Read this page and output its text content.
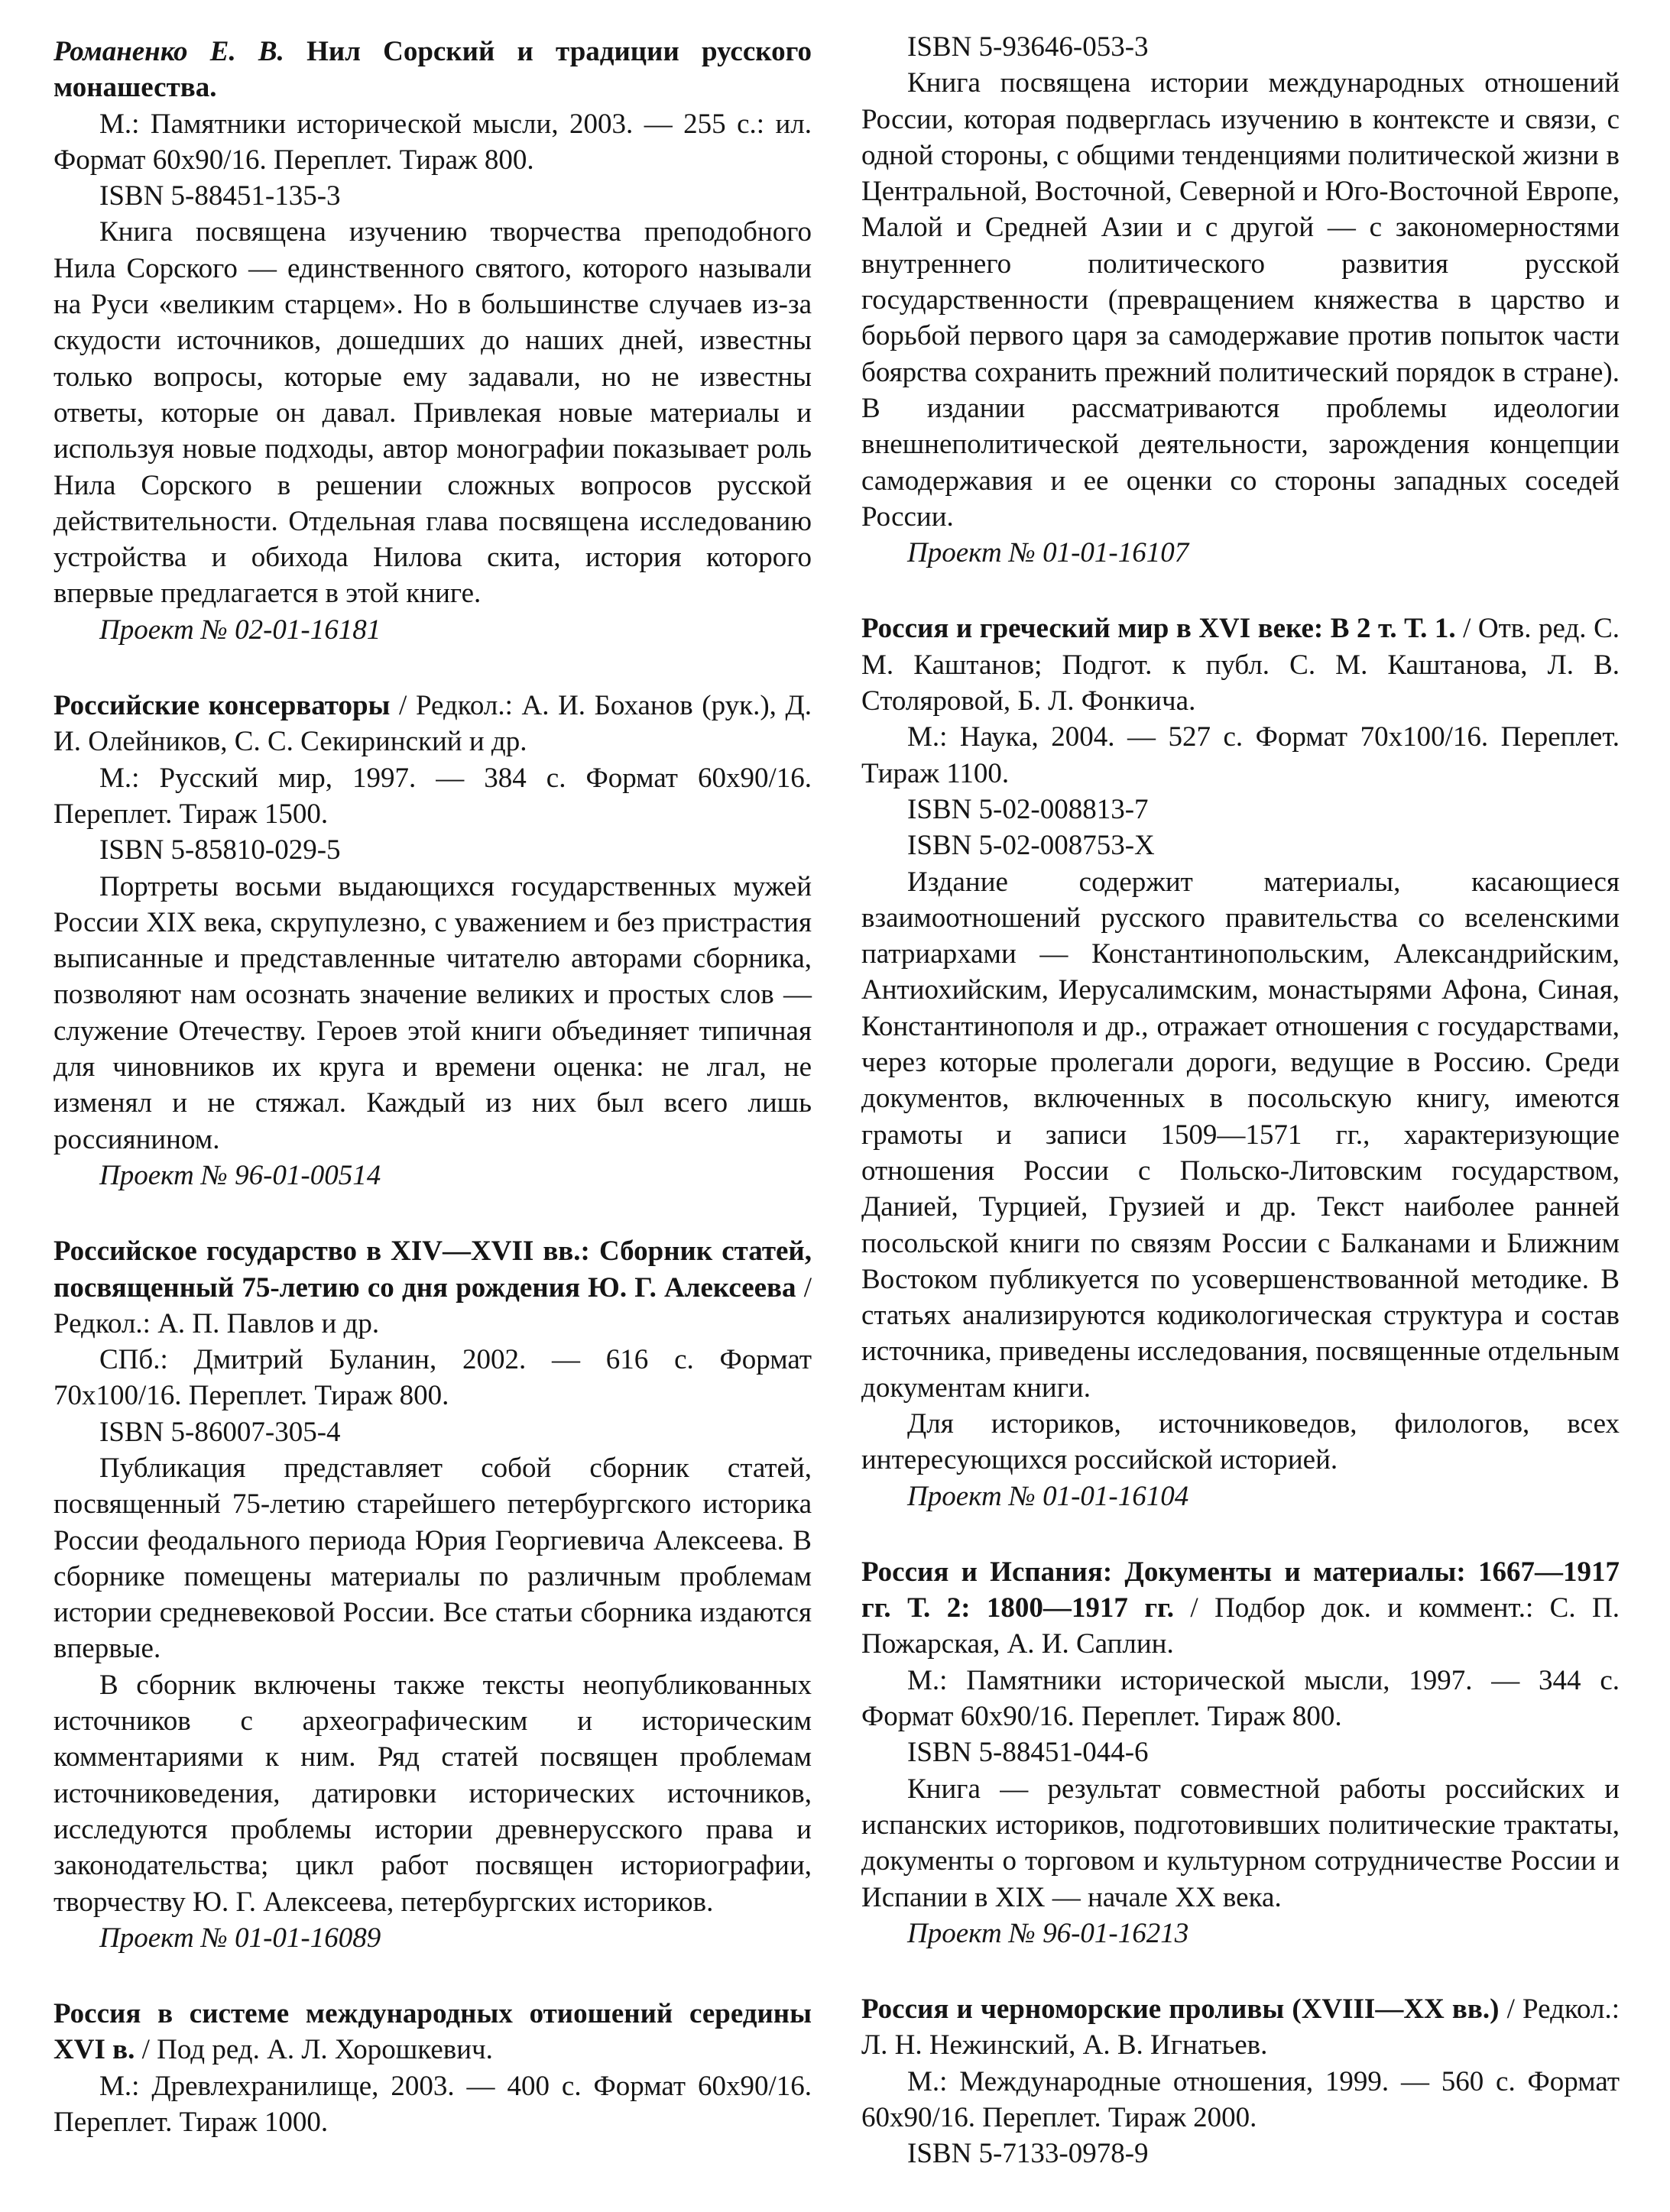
Романенко Е. В. Нил Сорский и традиции русского монашества.

М.: Памятники исторической мысли, 2003. — 255 с.: ил. Формат 60х90/16. Переплет. Тираж 800.

ISBN 5-88451-135-3

Книга посвящена изучению творчества преподобного Нила Сорского — единственного святого, которого называли на Руси «великим старцем». Но в большинстве случаев из-за скудости источников, дошедших до наших дней, известны только вопросы, которые ему задавали, но не известны ответы, которые он давал. Привлекая новые материалы и используя новые подходы, автор монографии показывает роль Нила Сорского в решении сложных вопросов русской действительности. Отдельная глава посвящена исследованию устройства и обихода Нилова скита, история которого впервые предлагается в этой книге.

Проект № 02-01-16181
Российские консерваторы / Редкол.: А. И. Боханов (рук.), Д. И. Олейников, С. С. Секиринский и др.

М.: Русский мир, 1997. — 384 с. Формат 60х90/16. Переплет. Тираж 1500.

ISBN 5-85810-029-5

Портреты восьми выдающихся государственных мужей России XIX века, скрупулезно, с уважением и без пристрастия выписанные и представленные читателю авторами сборника, позволяют нам осознать значение великих и простых слов — служение Отечеству. Героев этой книги объединяет типичная для чиновников их круга и времени оценка: не лгал, не изменял и не стяжал. Каждый из них был всего лишь россиянином.

Проект № 96-01-00514
Российское государство в XIV—XVII вв.: Сборник статей, посвященный 75-летию со дня рождения Ю. Г. Алексеева / Редкол.: А. П. Павлов и др.

СПб.: Дмитрий Буланин, 2002. — 616 с. Формат 70х100/16. Переплет. Тираж 800.

ISBN 5-86007-305-4

Публикация представляет собой сборник статей, посвященный 75-летию старейшего петербургского историка России феодального периода Юрия Георгиевича Алексеева. В сборнике помещены материалы по различным проблемам истории средневековой России. Все статьи сборника издаются впервые.

В сборник включены также тексты неопубликованных источников с археографическим и историческим комментариями к ним. Ряд статей посвящен проблемам источниковедения, датировки исторических источников, исследуются проблемы истории древнерусского права и законодательства; цикл работ посвящен историографии, творчеству Ю. Г. Алексеева, петербургских историков.

Проект № 01-01-16089
Россия в системе международных отиошений середины XVI в. / Под ред. А. Л. Хорошкевич.

М.: Древлехранилище, 2003. — 400 с. Формат 60х90/16. Переплет. Тираж 1000.

ISBN 5-93646-053-3

Книга посвящена истории международных отношений России, которая подверглась изучению в контексте и связи, с одной стороны, с общими тенденциями политической жизни в Центральной, Восточной, Северной и Юго-Восточной Европе, Малой и Средней Азии и с другой — с закономерностями внутреннего политического развития русской государственности (превращением княжества в царство и борьбой первого царя за самодержавие против попыток части боярства сохранить прежний политический порядок в стране). В издании рассматриваются проблемы идеологии внешнеполитической деятельности, зарождения концепции самодержавия и ее оценки со стороны западных соседей России.

Проект № 01-01-16107
Россия и греческий мир в XVI веке: В 2 т. Т. 1. / Отв. ред. С. М. Каштанов; Подгот. к публ. С. М. Каштанова, Л. В. Столяровой, Б. Л. Фонкича.

М.: Наука, 2004. — 527 с. Формат 70х100/16. Переплет. Тираж 1100.

ISBN 5-02-008813-7
ISBN 5-02-008753-Х

Издание содержит материалы, касающиеся взаимоотношений русского правительства со вселенскими патриархами — Константинопольским, Александрийским, Антиохийским, Иерусалимским, монастырями Афона, Синая, Константинополя и др., отражает отношения с государствами, через которые пролегали дороги, ведущие в Россию. Среди документов, включенных в посольскую книгу, имеются грамоты и записи 1509—1571 гг., характеризующие отношения России с Польско-Литовским государством, Данией, Турцией, Грузией и др. Текст наиболее ранней посольской книги по связям России с Балканами и Ближним Востоком публикуется по усовершенствованной методике. В статьях анализируются кодикологическая структура и состав источника, приведены исследования, посвященные отдельным документам книги.

Для историков, источниковедов, филологов, всех интересующихся российской историей.

Проект № 01-01-16104
Россия и Испания: Документы и материалы: 1667—1917 гг. Т. 2: 1800—1917 гг. / Подбор док. и коммент.: С. П. Пожарская, А. И. Саплин.

М.: Памятники исторической мысли, 1997. — 344 с. Формат 60х90/16. Переплет. Тираж 800.

ISBN 5-88451-044-6

Книга — результат совместной работы российских и испанских историков, подготовивших политические трактаты, документы о торговом и культурном сотрудничестве России и Испании в XIX — начале XX века.

Проект № 96-01-16213
Россия и черноморские проливы (XVIII—XX вв.) / Редкол.: Л. Н. Нежинский, А. В. Игнатьев.

М.: Международные отношения, 1999. — 560 с. Формат 60х90/16. Переплет. Тираж 2000.

ISBN 5-7133-0978-9
